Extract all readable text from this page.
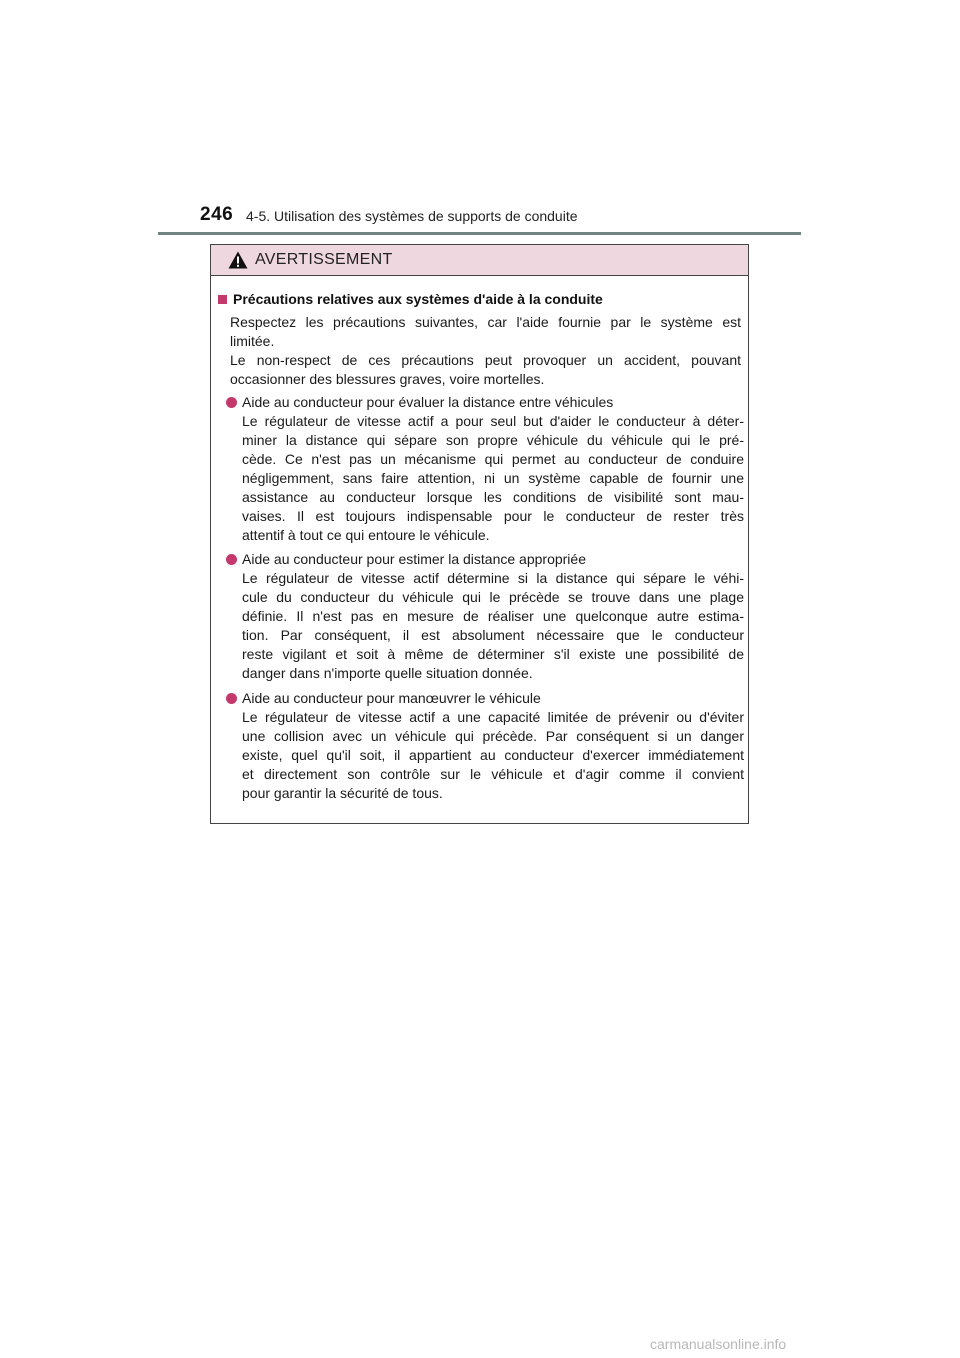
246 4-5. Utilisation des systèmes de supports de conduite
AVERTISSEMENT
Précautions relatives aux systèmes d'aide à la conduite
Respectez les précautions suivantes, car l'aide fournie par le système est
limitée.
Le non-respect de ces précautions peut provoquer un accident, pouvant
occasionner des blessures graves, voire mortelles.
Aide au conducteur pour évaluer la distance entre véhicules
Le régulateur de vitesse actif a pour seul but d'aider le conducteur à déter-
miner la distance qui sépare son propre véhicule du véhicule qui le pré-
cède. Ce n'est pas un mécanisme qui permet au conducteur de conduire
négligemment, sans faire attention, ni un système capable de fournir une
assistance au conducteur lorsque les conditions de visibilité sont mau-
vaises. Il est toujours indispensable pour le conducteur de rester très
attentif à tout ce qui entoure le véhicule.
Aide au conducteur pour estimer la distance appropriée
Le régulateur de vitesse actif détermine si la distance qui sépare le véhi-
cule du conducteur du véhicule qui le précède se trouve dans une plage
définie. Il n'est pas en mesure de réaliser une quelconque autre estima-
tion. Par conséquent, il est absolument nécessaire que le conducteur
reste vigilant et soit à même de déterminer s'il existe une possibilité de
danger dans n'importe quelle situation donnée.
Aide au conducteur pour manœuvrer le véhicule
Le régulateur de vitesse actif a une capacité limitée de prévenir ou d'éviter
une collision avec un véhicule qui précède. Par conséquent si un danger
existe, quel qu'il soit, il appartient au conducteur d'exercer immédiatement
et directement son contrôle sur le véhicule et d'agir comme il convient
pour garantir la sécurité de tous.
carmanualsonline.info
